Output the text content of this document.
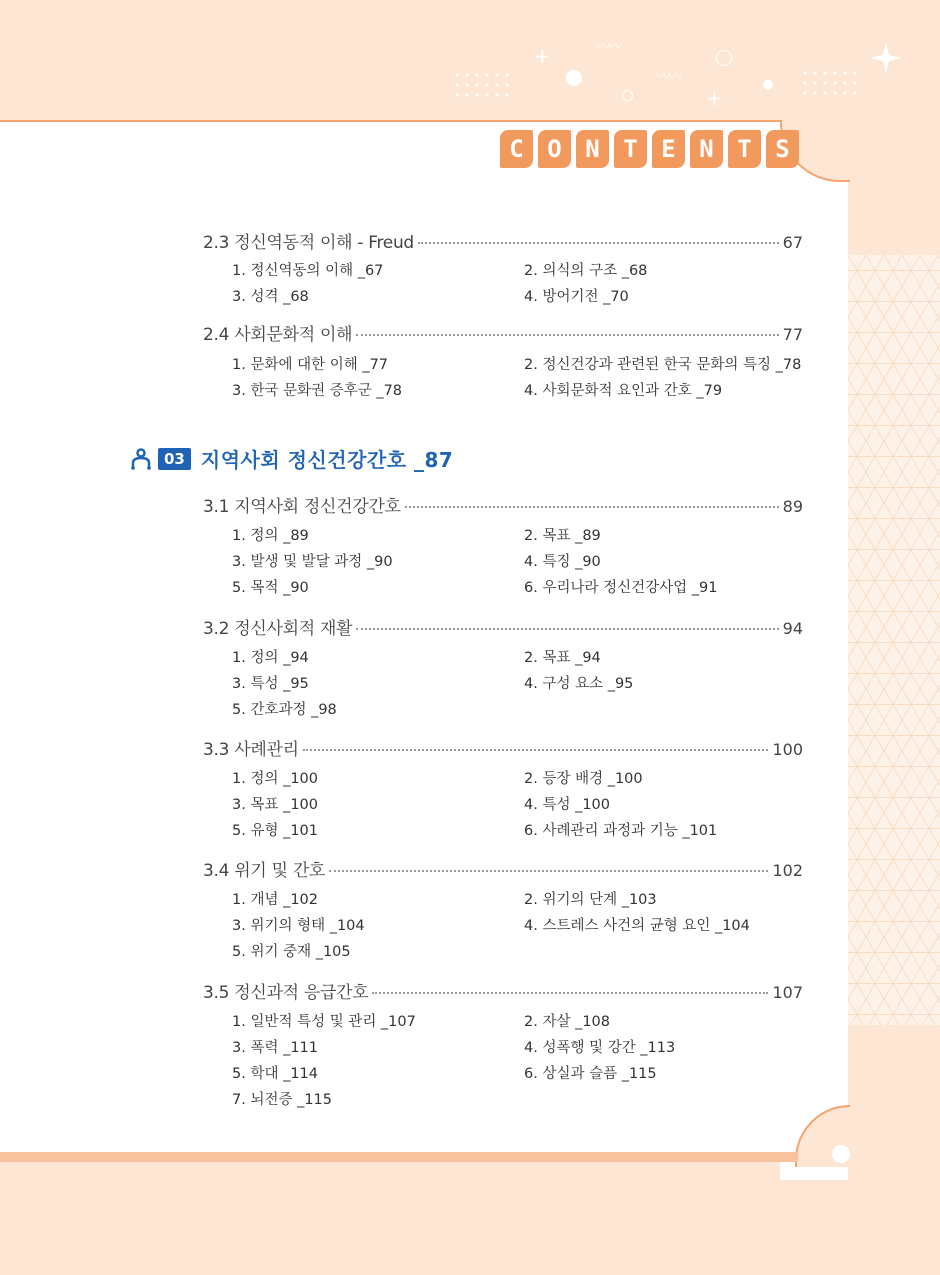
+
+
〰〰
〰〰
C O N T E N T S
2.3 정신역동적 이해 - Freud	67
1. 정신역동의 이해 _67	2. 의식의 구조 _68
3. 성격 _68	4. 방어기전 _70
2.4 사회문화적 이해	77
1. 문화에 대한 이해 _77	2. 정신건강과 관련된 한국 문화의 특징 _78
3. 한국 문화권 증후군 _78	4. 사회문화적 요인과 간호 _79
03 지역사회 정신건강간호 _87
3.1 지역사회 정신건강간호	89
1. 정의 _89	2. 목표 _89
3. 발생 및 발달 과정 _90	4. 특징 _90
5. 목적 _90	6. 우리나라 정신건강사업 _91
3.2 정신사회적 재활	94
1. 정의 _94	2. 목표 _94
3. 특성 _95	4. 구성 요소 _95
5. 간호과정 _98
3.3 사례관리	100
1. 정의 _100	2. 등장 배경 _100
3. 목표 _100	4. 특성 _100
5. 유형 _101	6. 사례관리 과정과 기능 _101
3.4 위기 및 간호	102
1. 개념 _102	2. 위기의 단계 _103
3. 위기의 형태 _104	4. 스트레스 사건의 균형 요인 _104
5. 위기 중재 _105
3.5 정신과적 응급간호	107
1. 일반적 특성 및 관리 _107	2. 자살 _108
3. 폭력 _111	4. 성폭행 및 강간 _113
5. 학대 _114	6. 상실과 슬픔 _115
7. 뇌전증 _115
